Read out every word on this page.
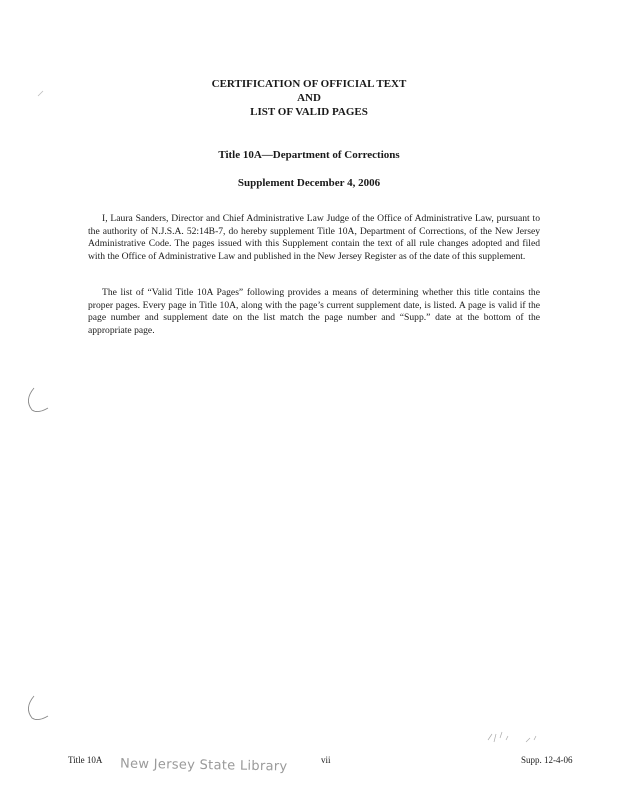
CERTIFICATION OF OFFICIAL TEXT
AND
LIST OF VALID PAGES
Title 10A—Department of Corrections
Supplement December 4, 2006

I, Laura Sanders, Director and Chief Administrative Law Judge of the Office of Administrative Law, pursuant to the authority of N.J.S.A. 52:14B-7, do hereby supplement Title 10A, Department of Corrections, of the New Jersey Administrative Code. The pages issued with this Supplement contain the text of all rule changes adopted and filed with the Office of Administrative Law and published in the New Jersey Register as of the date of this supplement.

The list of “Valid Title 10A Pages” following provides a means of determining whether this title contains the proper pages. Every page in Title 10A, along with the page’s current supplement date, is listed. A page is valid if the page number and supplement date on the list match the page number and “Supp.” date at the bottom of the appropriate page.

Title 10A New Jersey State Library	vii	Supp. 12-4-06
